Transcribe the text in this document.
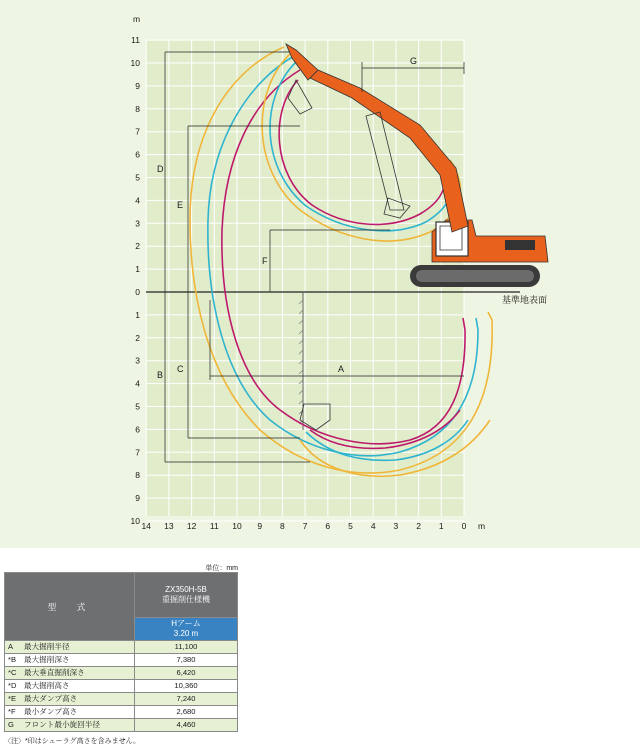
m
m
11
10
9
8
7
6
5
4
3
2
1
0
1
2
3
4
5
6
7
8
9
10 14 13 12 11 10 9 8 7 6 5 4 3 2 1 0
基準地表面
D
B
E
C
F
A
G
単位：mm
型　式	ZX350H-5B
重掘削仕様機

	Hアーム
3.20 m

A 最大掘削半径	11,100
*B 最大掘削深さ	7,380
*C 最大垂直掘削深さ	6,420
*D 最大掘削高さ	10,360
*E 最大ダンプ高さ	7,240
*F 最小ダンプ高さ	2,680
G フロント最小旋回半径	4,460
〈注〉*印はシューラグ高さを含みません。
